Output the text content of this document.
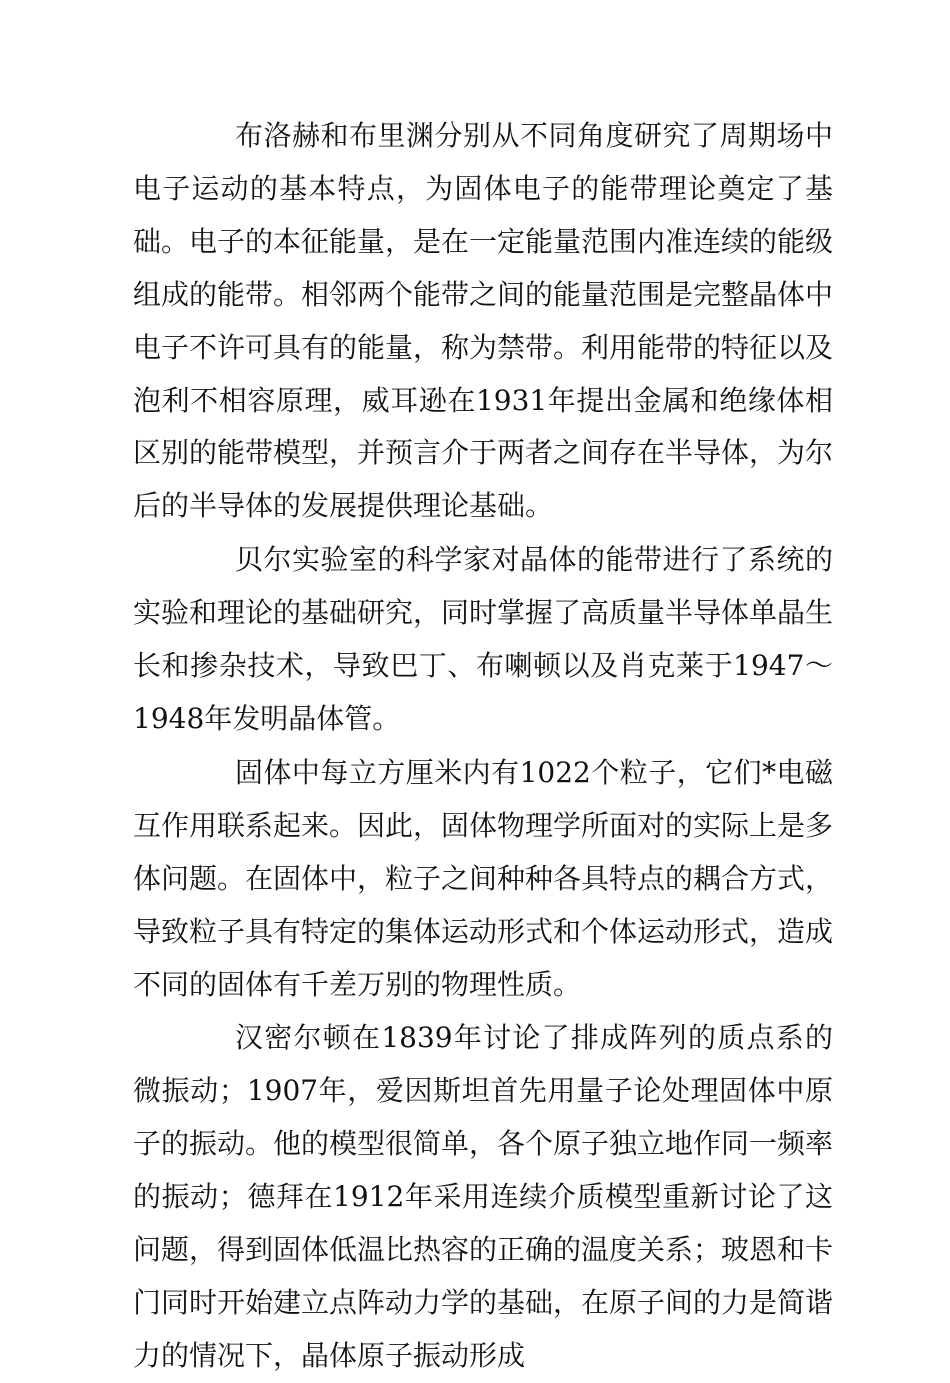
布洛赫和布里渊分别从不同角度研究了周期场中电子运动的基本特点，为固体电子的能带理论奠定了基础。电子的本征能量，是在一定能量范围内准连续的能级组成的能带。相邻两个能带之间的能量范围是完整晶体中电子不许可具有的能量，称为禁带。利用能带的特征以及泡利不相容原理，威耳逊在1931年提出金属和绝缘体相区别的能带模型，并预言介于两者之间存在半导体，为尔后的半导体的发展提供理论基础。

贝尔实验室的科学家对晶体的能带进行了系统的实验和理论的基础研究，同时掌握了高质量半导体单晶生长和掺杂技术，导致巴丁、布喇顿以及肖克莱于1947〜1948年发明晶体管。

固体中每立方厘米内有1022个粒子，它们*电磁互作用联系起来。因此，固体物理学所面对的实际上是多体问题。在固体中，粒子之间种种各具特点的耦合方式，导致粒子具有特定的集体运动形式和个体运动形式，造成不同的固体有千差万别的物理性质。

汉密尔顿在1839年讨论了排成阵列的质点系的微振动；1907年，爱因斯坦首先用量子论处理固体中原子的振动。他的模型很简单，各个原子独立地作同一频率的振动；德拜在1912年采用连续介质模型重新讨论了这问题，得到固体低温比热容的正确的温度关系；玻恩和卡门同时开始建立点阵动力学的基础，在原子间的力是简谐力的情况下，晶体原子振动形成
